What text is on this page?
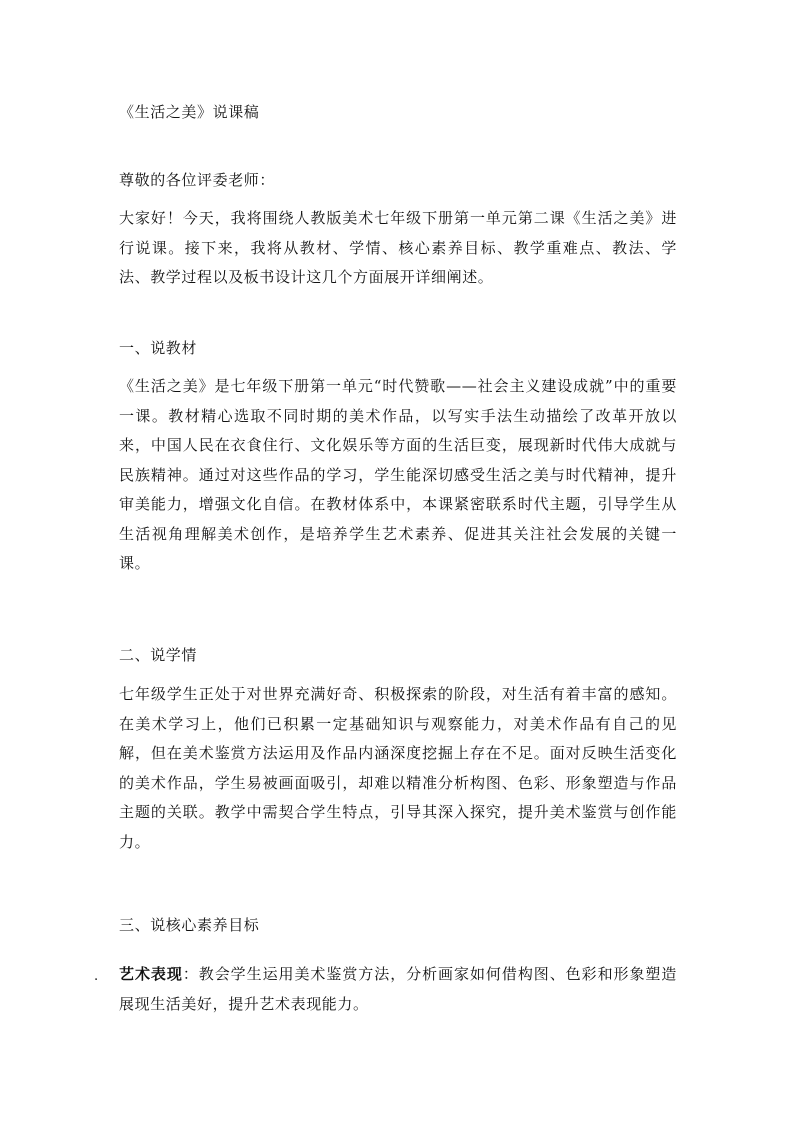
《生活之美》说课稿
尊敬的各位评委老师：
大家好！今天，我将围绕人教版美术七年级下册第一单元第二课《生活之美》进行说课。接下来，我将从教材、学情、核心素养目标、教学重难点、教法、学法、教学过程以及板书设计这几个方面展开详细阐述。
一、说教材
《生活之美》是七年级下册第一单元“时代赞歌——社会主义建设成就”中的重要一课。教材精心选取不同时期的美术作品，以写实手法生动描绘了改革开放以来，中国人民在衣食住行、文化娱乐等方面的生活巨变，展现新时代伟大成就与民族精神。通过对这些作品的学习，学生能深切感受生活之美与时代精神，提升审美能力，增强文化自信。在教材体系中，本课紧密联系时代主题，引导学生从生活视角理解美术创作，是培养学生艺术素养、促进其关注社会发展的关键一课。
二、说学情
七年级学生正处于对世界充满好奇、积极探索的阶段，对生活有着丰富的感知。在美术学习上，他们已积累一定基础知识与观察能力，对美术作品有自己的见解，但在美术鉴赏方法运用及作品内涵深度挖掘上存在不足。面对反映生活变化的美术作品，学生易被画面吸引，却难以精准分析构图、色彩、形象塑造与作品主题的关联。教学中需契合学生特点，引导其深入探究，提升美术鉴赏与创作能力。
三、说核心素养目标
. 艺术表现：教会学生运用美术鉴赏方法，分析画家如何借构图、色彩和形象塑造展现生活美好，提升艺术表现能力。
